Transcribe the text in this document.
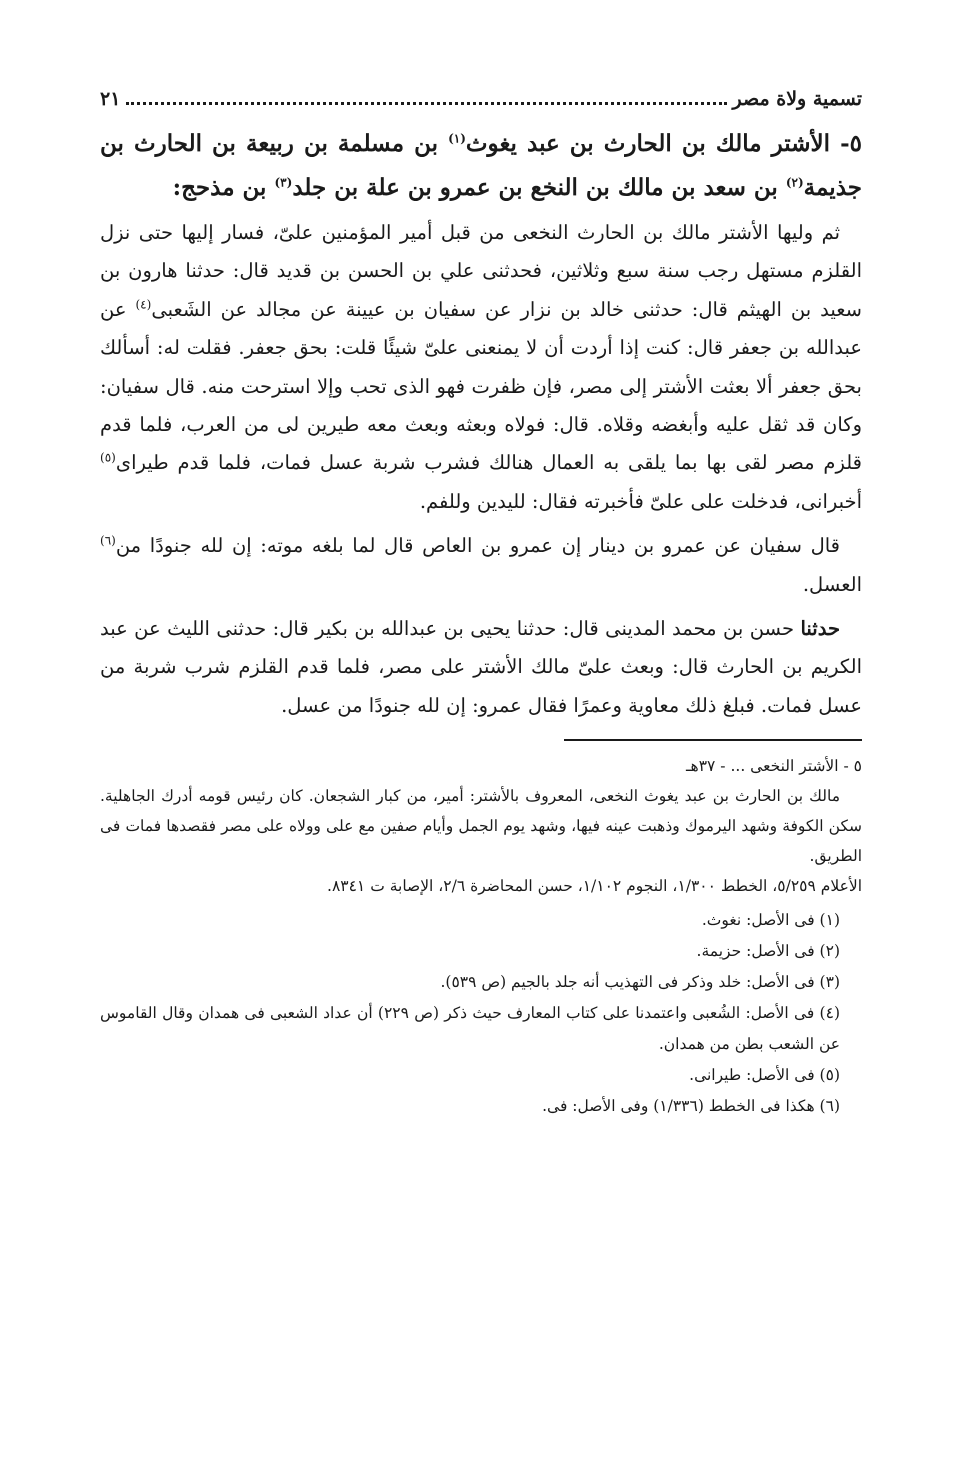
تسمية ولاة مصر
٢١

٥- الأشتر مالك بن الحارث بن عبد يغوث$^{(١)}$ بن مسلمة بن ربيعة بن الحارث بن جذيمة$^{(٢)}$ بن سعد بن مالك بن النخع بن عمرو بن علة بن جلد$^{(٣)}$ بن مذحج:

ثم وليها الأشتر مالك بن الحارث النخعى من قبل أمير المؤمنين علىّ، فسار إليها حتى نزل القلزم مستهل رجب سنة سبع وثلاثين، فحدثنى علي بن الحسن بن قديد قال: حدثنا هارون بن سعيد بن الهيثم قال: حدثنى خالد بن نزار عن سفيان بن عيينة عن مجالد عن الشَعبى$^{(٤)}$ عن عبدالله بن جعفر قال: كنت إذا أردت أن لا يمنعنى علىّ شيئًا قلت: بحق جعفر. فقلت له: أسألك بحق جعفر ألا بعثت الأشتر إلى مصر، فإن ظفرت فهو الذى تحب وإلا استرحت منه. قال سفيان: وكان قد ثقل عليه وأبغضه وقلاه. قال: فولاه وبعثه وبعث معه طيرين لى من العرب، فلما قدم قلزم مصر لقى بها بما يلقى به العمال هنالك فشرب شربة عسل فمات، فلما قدم طيراى$^{(٥)}$ أخبرانى، فدخلت على علىّ فأخبرته فقال: لليدين وللفم.

قال سفيان عن عمرو بن دينار إن عمرو بن العاص قال لما بلغه موته: إن لله جنودًا من$^{(٦)}$ العسل.

حدثنا حسن بن محمد المدينى قال: حدثنا يحيى بن عبدالله بن بكير قال: حدثنى الليث عن عبد الكريم بن الحارث قال: وبعث علىّ مالك الأشتر على مصر، فلما قدم القلزم شرب شربة من عسل فمات. فبلغ ذلك معاوية وعمرًا فقال عمرو: إن لله جنودًا من عسل.

٥ - الأشتر النخعى ... - ٣٧هـ

مالك بن الحارث بن عبد يغوث النخعى، المعروف بالأشتر: أمير، من كبار الشجعان. كان رئيس قومه أدرك الجاهلية. سكن الكوفة وشهد اليرموك وذهبت عينه فيها، وشهد يوم الجمل وأيام صفين مع على وولاه على مصر فقصدها فمات فى الطريق.

الأعلام ٥/٢٥٩، الخطط ١/٣٠٠، النجوم ١/١٠٢، حسن المحاضرة ٢/٦، الإصابة ت ٨٣٤١.

(١) فى الأصل: نغوث.
(٢) فى الأصل: حزيمة.
(٣) فى الأصل: خلد وذكر فى التهذيب أنه جلد بالجيم (ص ٥٣٩).
(٤) فى الأصل: الشُعبى واعتمدنا على كتاب المعارف حيث ذكر (ص ٢٢٩) أن عداد الشعبى فى همدان وقال القاموس عن الشعب بطن من همدان.
(٥) فى الأصل: طيرانى.
(٦) هكذا فى الخطط (١/٣٣٦) وفى الأصل: فى.
